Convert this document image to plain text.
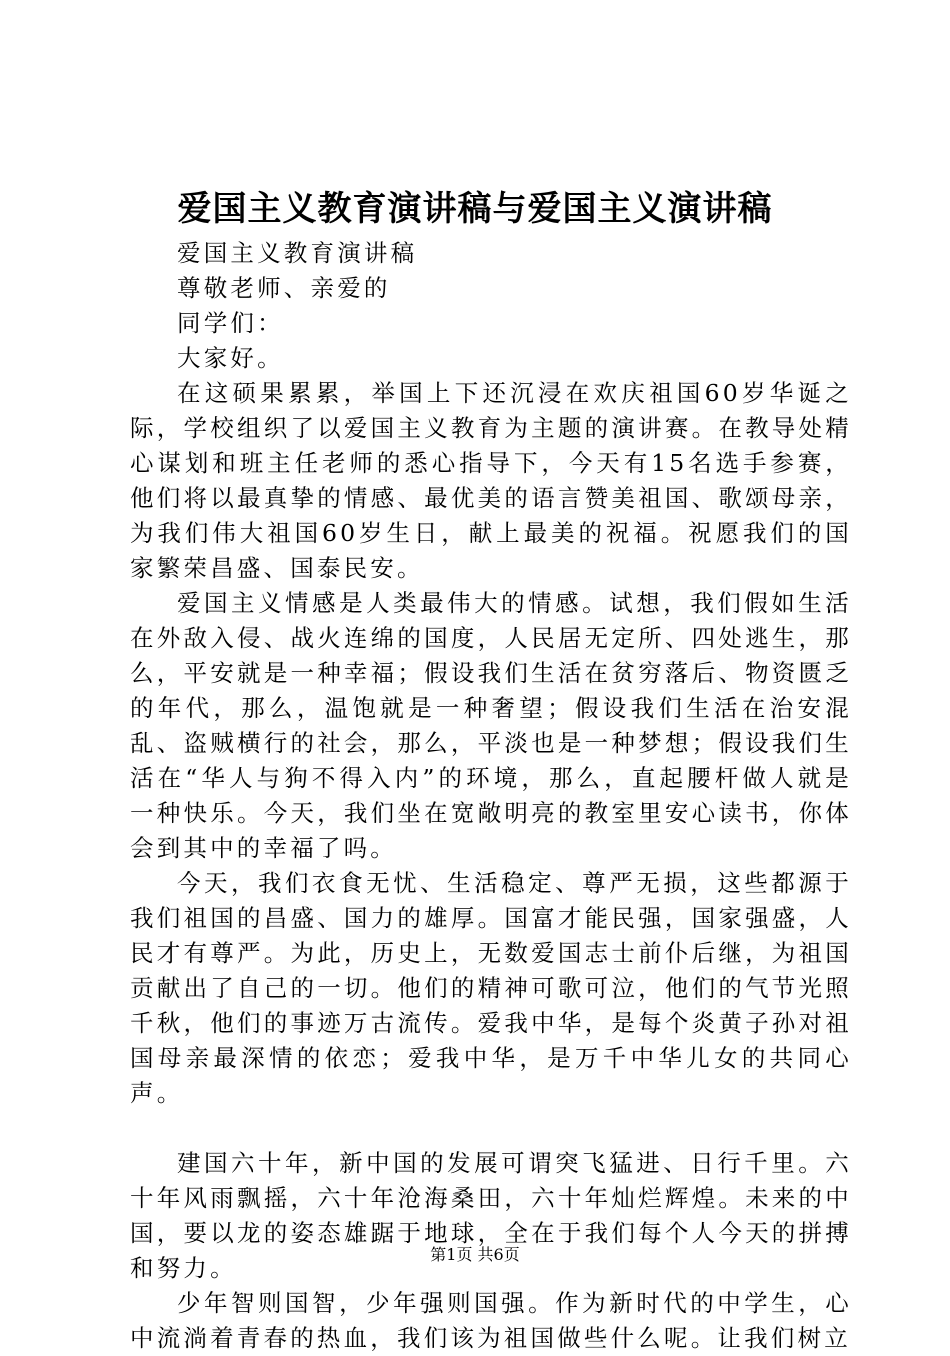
爱国主义教育演讲稿与爱国主义演讲稿

爱国主义教育演讲稿

尊敬老师、亲爱的

同学们：

大家好。

在这硕果累累，举国上下还沉浸在欢庆祖国60岁华诞之际，学校组织了以爱国主义教育为主题的演讲赛。在教导处精心谋划和班主任老师的悉心指导下，今天有15名选手参赛，他们将以最真挚的情感、最优美的语言赞美祖国、歌颂母亲，为我们伟大祖国60岁生日，献上最美的祝福。祝愿我们的国家繁荣昌盛、国泰民安。

爱国主义情感是人类最伟大的情感。试想，我们假如生活在外敌入侵、战火连绵的国度，人民居无定所、四处逃生，那么，平安就是一种幸福；假设我们生活在贫穷落后、物资匮乏的年代，那么，温饱就是一种奢望；假设我们生活在治安混乱、盗贼横行的社会，那么，平淡也是一种梦想；假设我们生活在“华人与狗不得入内”的环境，那么，直起腰杆做人就是一种快乐。今天，我们坐在宽敞明亮的教室里安心读书，你体会到其中的幸福了吗。

今天，我们衣食无忧、生活稳定、尊严无损，这些都源于我们祖国的昌盛、国力的雄厚。国富才能民强，国家强盛，人民才有尊严。为此，历史上，无数爱国志士前仆后继，为祖国贡献出了自己的一切。他们的精神可歌可泣，他们的气节光照千秋，他们的事迹万古流传。爱我中华，是每个炎黄子孙对祖国母亲最深情的依恋；爱我中华，是万千中华儿女的共同心声。

建国六十年，新中国的发展可谓突飞猛进、日行千里。六十年风雨飘摇，六十年沧海桑田，六十年灿烂辉煌。未来的中国，要以龙的姿态雄踞于地球，全在于我们每个人今天的拼搏和努力。

少年智则国智，少年强则国强。作为新时代的中学生，心中流淌着青春的热血，我们该为祖国做些什么呢。让我们树立

第1页 共6页
